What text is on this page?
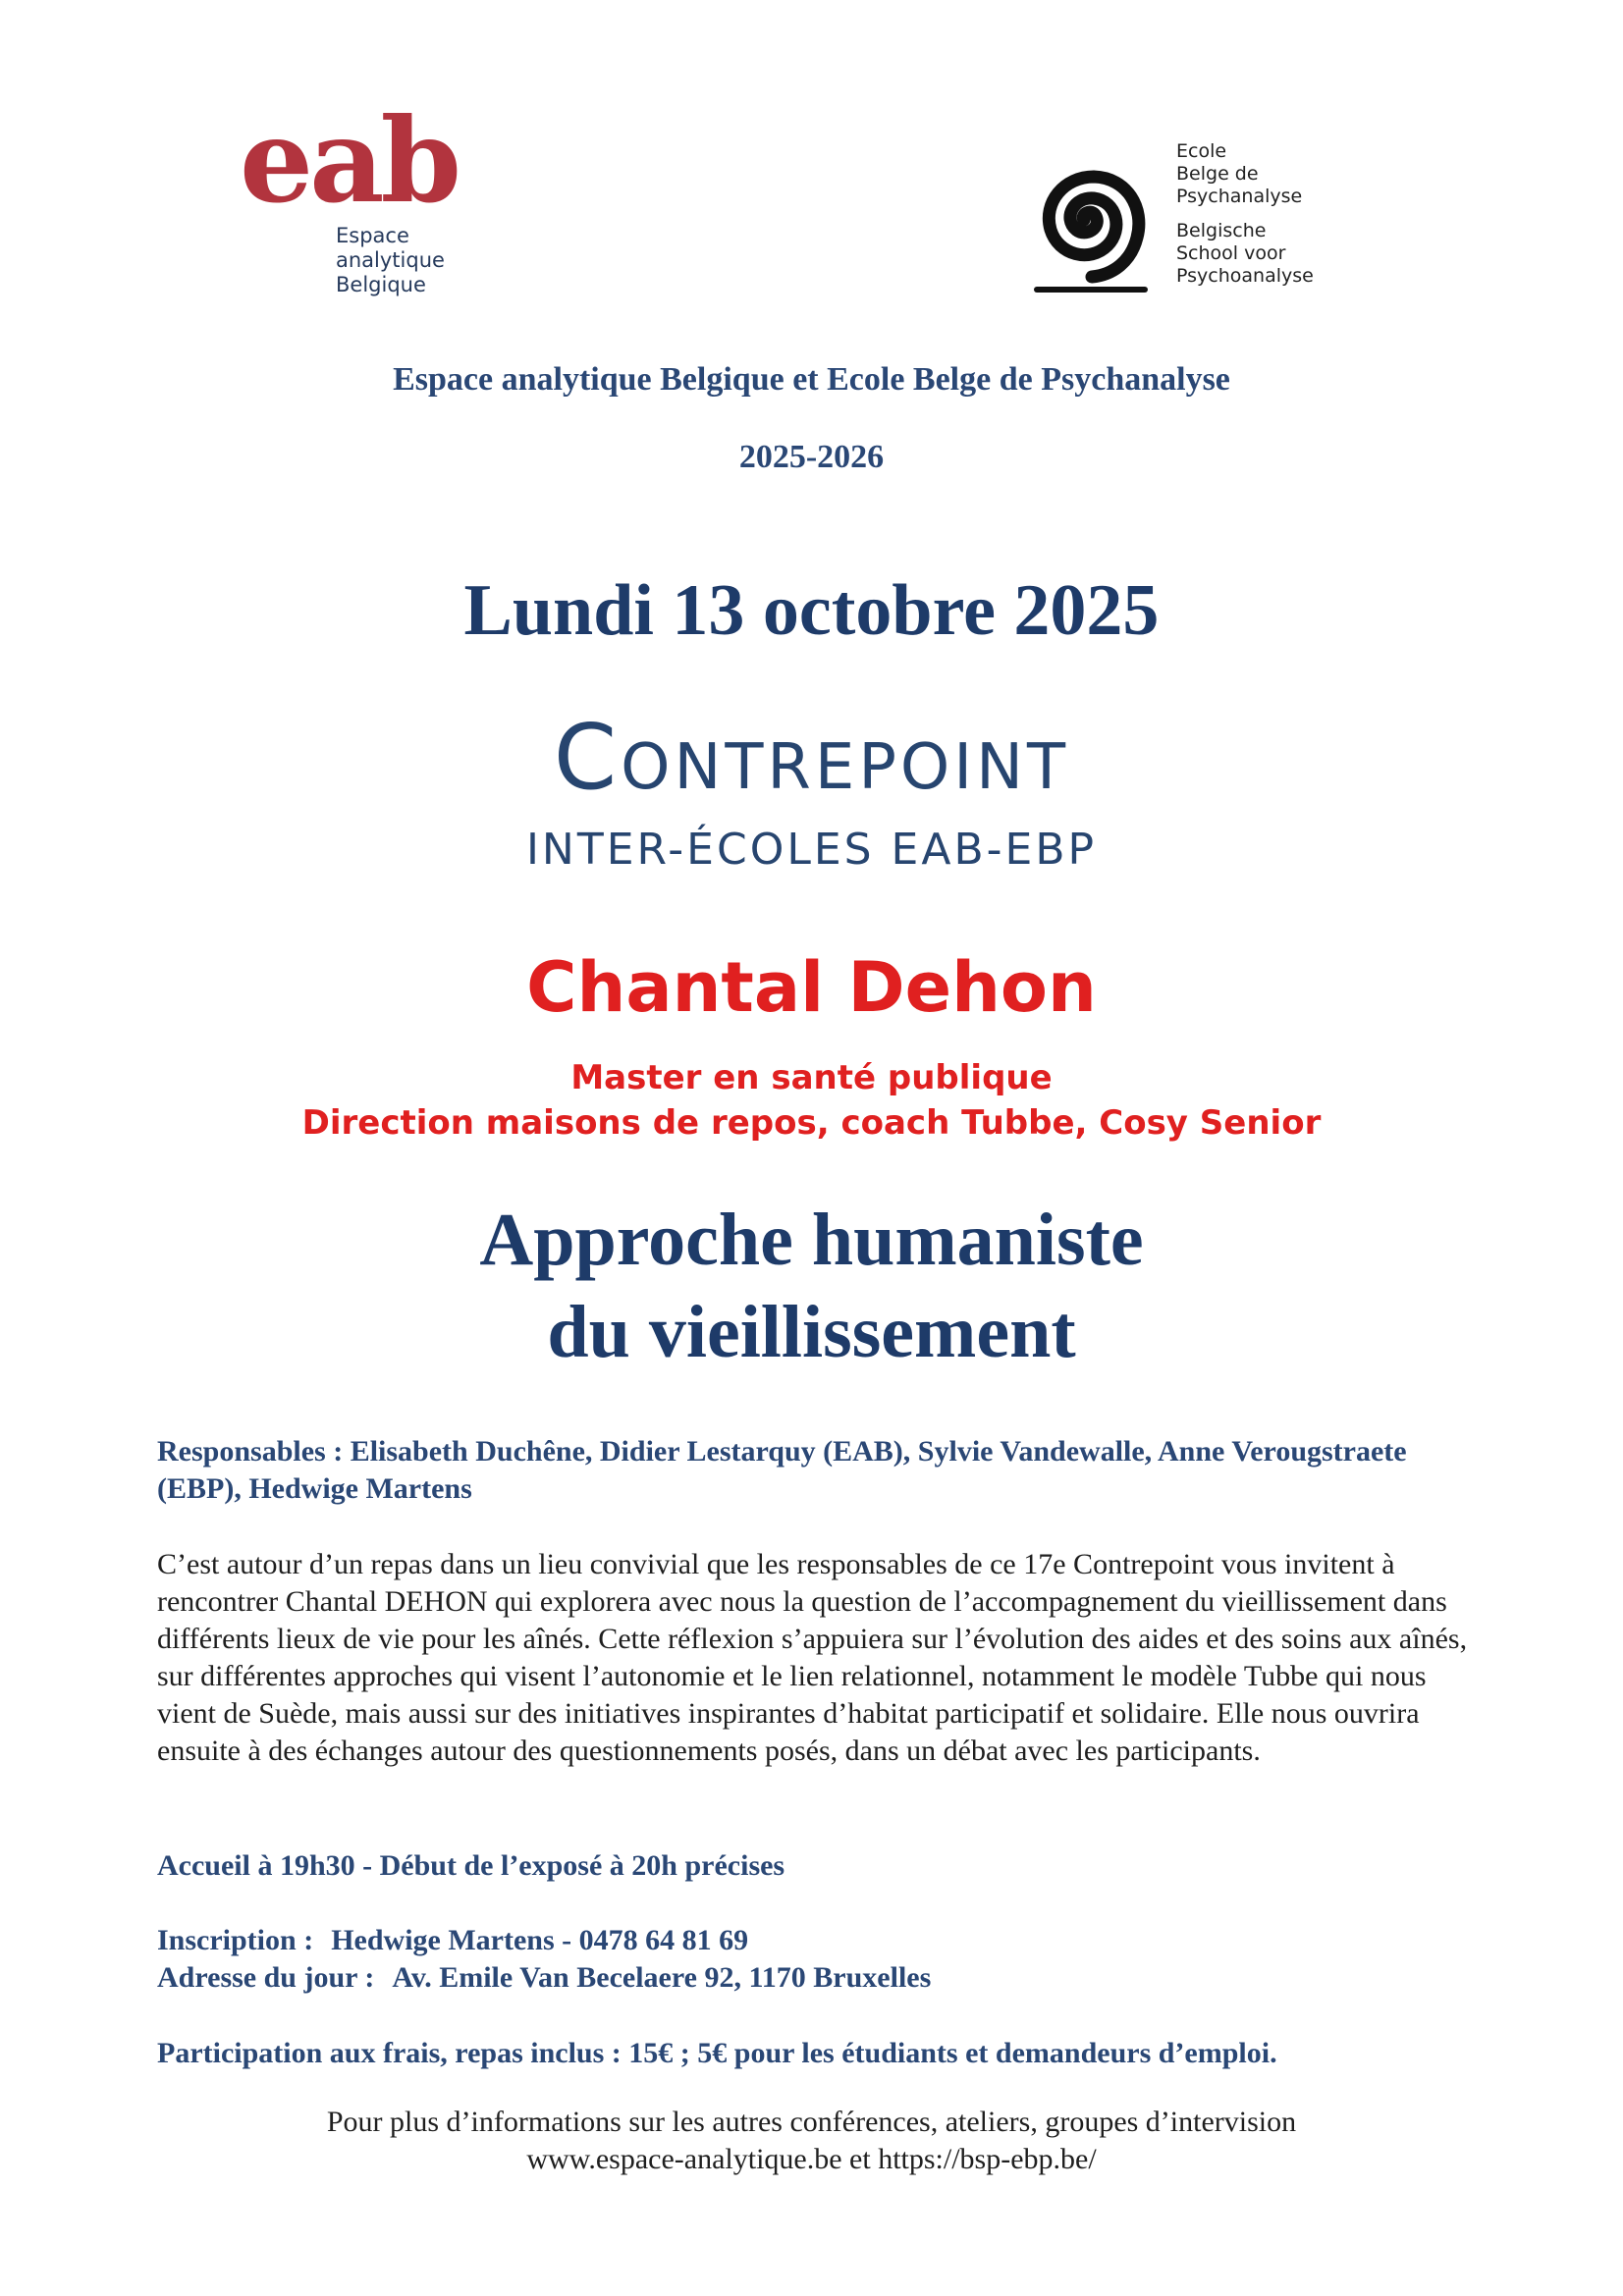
eab
Espace
analytique
Belgique
Ecole
Belge de
Psychanalyse
Belgische
School voor
Psychoanalyse
Espace analytique Belgique et Ecole Belge de Psychanalyse
2025-2026
Lundi 13 octobre 2025
Contrepoint
INTER-ÉCOLES EAB-EBP
Chantal Dehon
Master en santé publique
Direction maisons de repos, coach Tubbe, Cosy Senior
Approche humaniste
du vieillissement
Responsables : Elisabeth Duchêne, Didier Lestarquy (EAB), Sylvie Vandewalle, Anne Verougstraete (EBP), Hedwige Martens
C’est autour d’un repas dans un lieu convivial que les responsables de ce 17e Contrepoint vous invitent à rencontrer Chantal DEHON qui explorera avec nous la question de l’accompagnement du vieillissement dans différents lieux de vie pour les aînés. Cette réflexion s’appuiera sur l’évolution des aides et des soins aux aînés, sur différentes approches qui visent l’autonomie et le lien relationnel, notamment le modèle Tubbe qui nous vient de Suède, mais aussi sur des initiatives inspirantes d’habitat participatif et solidaire. Elle nous ouvrira ensuite à des échanges autour des questionnements posés, dans un débat avec les participants.
Accueil à 19h30 - Début de l’exposé à 20h précises
Inscription : Hedwige Martens - 0478 64 81 69
Adresse du jour : Av. Emile Van Becelaere 92, 1170 Bruxelles
Participation aux frais, repas inclus : 15€ ; 5€ pour les étudiants et demandeurs d’emploi.
Pour plus d’informations sur les autres conférences, ateliers, groupes d’intervision
www.espace-analytique.be et https://bsp-ebp.be/
